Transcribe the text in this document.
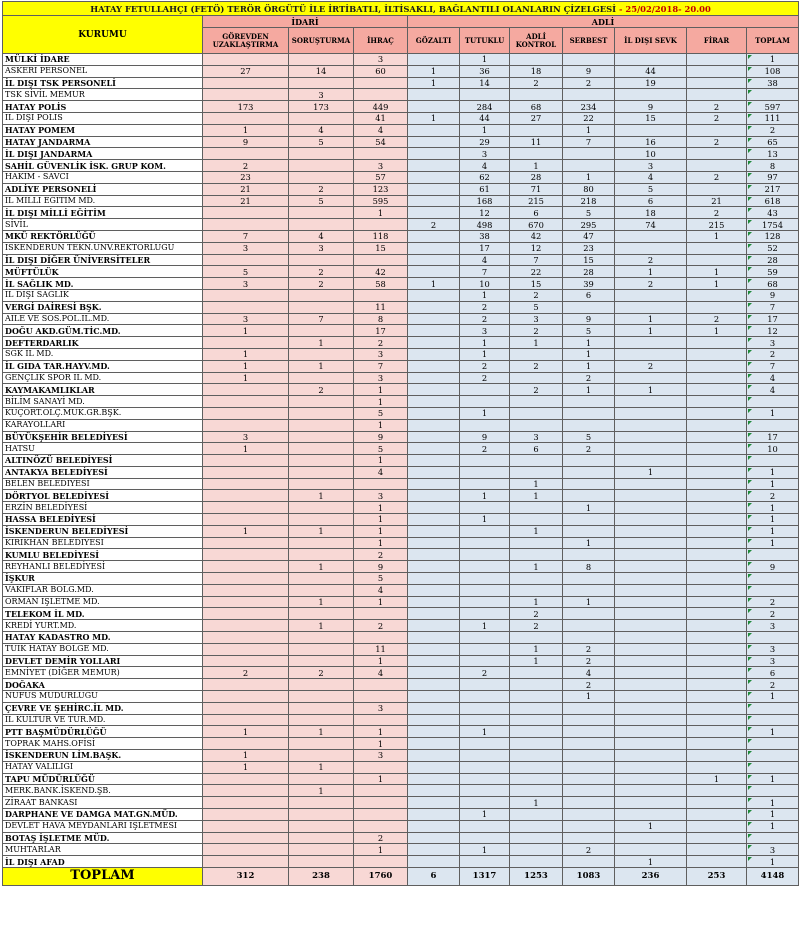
HATAY FETULLAHÇI (FETÖ) TERÖR ÖRGÜTÜ İLE İRTİBATLI, İLTİSAKLI, BAĞLANTILI OLANLARIN ÇİZELGESİ - 25/02/2018- 20.00										
KURUMU	İDARİ			ADLİ						
	GÖREVDEN UZAKLAŞTIRMA	SORUŞTURMA	İHRAÇ	GÖZALTI	TUTUKLU	ADLİ KONTROL	SERBEST	İL DIŞI SEVK	FİRAR	TOPLAM
MÜLKİ İDARE			3		1					1
ASKERİ PERSONEL	27	14	60	1	36	18	9	44		108
İL DIŞI TSK PERSONELİ				1	14	2	2	19		38
TSK SİVİL MEMUR		3								
HATAY POLİS	173	173	449		284	68	234	9	2	597
İL DIŞI POLİS			41	1	44	27	22	15	2	111
HATAY POMEM	1	4	4		1		1			2
HATAY JANDARMA	9	5	54		29	11	7	16	2	65
İL DIŞI JANDARMA					3			10		13
SAHİL GÜVENLİK İSK. GRUP KOM.	2		3		4	1		3		8
HAKİM - SAVCI	23		57		62	28	1	4	2	97
ADLİYE PERSONELİ	21	2	123		61	71	80	5		217
İL MİLLİ EĞİTİM MD.	21	5	595		168	215	218	6	21	618
İL DIŞI MİLLİ EĞİTİM			1		12	6	5	18	2	43
SİVİL				2	498	670	295	74	215	1754
MKÜ REKTÖRLÜĞÜ	7	4	118		38	42	47		1	128
İSKENDERUN TEKN.ÜNV.REKTÖRLÜĞÜ	3	3	15		17	12	23			52
İL DIŞI DİĞER ÜNİVERSİTELER					4	7	15	2		28
MÜFTÜLÜK	5	2	42		7	22	28	1	1	59
İL SAĞLIK MD.	3	2	58	1	10	15	39	2	1	68
İL DIŞI SAĞLIK					1	2	6			9
VERGİ DAİRESİ BŞK.			11		2	5				7
AİLE VE SOS.POL.İL.MD.	3	7	8		2	3	9	1	2	17
DOĞU AKD.GÜM.TİC.MD.	1		17		3	2	5	1	1	12
DEFTERDARLIK		1	2		1	1	1			3
SGK İL MD.	1		3		1		1			2
İL GIDA TAR.HAYV.MD.	1	1	7		2	2	1	2		7
GENÇLİK SPOR İL MD.	1		3		2		2			4
KAYMAKAMLIKLAR		2	1			2	1	1		4
BİLİM SANAYİ MD.			1							
KUÇORT.OLÇ.MUK.GR.BŞK.			5		1					1
KARAYOLLARI			1							
BÜYÜKŞEHİR BELEDİYESİ	3		9		9	3	5			17
HATSU	1		5		2	6	2			10
ALTINÖZÜ BELEDİYESİ			1							
ANTAKYA BELEDİYESİ			4					1		1
BELEN BELEDİYESİ						1				1
DÖRTYOL BELEDİYESİ		1	3		1	1				2
ERZİN BELEDİYESİ			1				1			1
HASSA BELEDİYESİ			1		1					1
İSKENDERUN BELEDİYESİ	1	1	1			1				1
KIRIKHAN BELEDİYESİ			1				1			1
KUMLU BELEDİYESİ			2							
REYHANLI BELEDİYESİ		1	9			1	8			9
İŞKUR			5							
VAKIFLAR BÖLG.MD.			4							
ORMAN İŞLETME MD.		1	1			1	1			2
TELEKOM İL MD.						2				2
KREDİ YURT.MD.		1	2		1	2				3
HATAY KADASTRO MD.										
TÜİK HATAY BÖLGE MD.			11			1	2			3
DEVLET DEMİR YOLLARI			1			1	2			3
EMNİYET (DİĞER MEMUR)	2	2	4		2		4			6
DOĞAKA							2			2
NÜFUS MÜDÜRLÜĞÜ							1			1
ÇEVRE VE ŞEHİRC.İL MD.			3							
İL KÜLTÜR VE TUR.MD.										
PTT BAŞMÜDÜRLÜĞÜ	1	1	1		1					1
TOPRAK MAHS.OFİSİ			1							
İSKENDERUN LİM.BAŞK.	1		3							
HATAY VALİLİĞİ	1	1								
TAPU MÜDÜRLÜĞÜ			1						1	1
MERK.BANK.İSKEND.ŞB.		1								
ZİRAAT BANKASI						1				1
DARPHANE VE DAMGA MAT.GN.MÜD.					1					1
DEVLET HAVA MEYDANLARI İŞLETMESİ								1		1
BOTAŞ İŞLETME MÜD.			2							
MUHTARLAR			1		1		2			3
İL DIŞI AFAD								1		1
TOPLAM	312	238	1760	6	1317	1253	1083	236	253	4148
